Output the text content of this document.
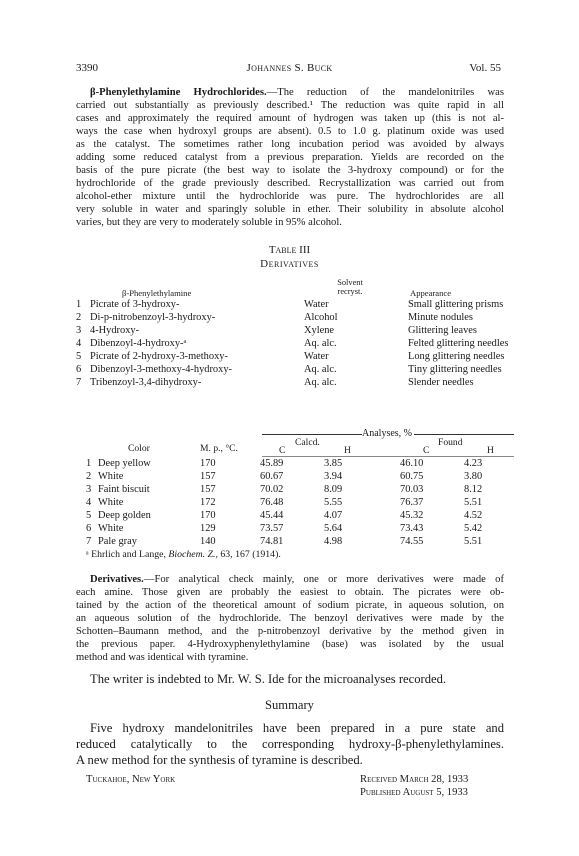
3390	Johannes S. Buck	Vol. 55
β-Phenylethylamine Hydrochlorides.—The reduction of the mandelonitriles was
carried out substantially as previously described.¹ The reduction was quite rapid in all
cases and approximately the required amount of hydrogen was taken up (this is not al-
ways the case when hydroxyl groups are absent). 0.5 to 1.0 g. platinum oxide was used
as the catalyst. The sometimes rather long incubation period was avoided by always
adding some reduced catalyst from a previous preparation. Yields are recorded on the
basis of the pure picrate (the best way to isolate the 3-hydroxy compound) or for the
hydrochloride of the grade previously described. Recrystallization was carried out from
alcohol-ether mixture until the hydrochloride was pure. The hydrochlorides are all
very soluble in water and sparingly soluble in ether. Their solubility in absolute alcohol
varies, but they are very to moderately soluble in 95% alcohol.
Table III
Derivatives
Solvent
recryst.
β-Phenylethylamine	Appearance
1	Picrate of 3-hydroxy-	Water	Small glittering prisms
2	Di-p-nitrobenzoyl-3-hydroxy-	Alcohol	Minute nodules
3	4-Hydroxy-	Xylene	Glittering leaves
4	Dibenzoyl-4-hydroxy-ᵃ	Aq. alc.	Felted glittering needles
5	Picrate of 2-hydroxy-3-methoxy-	Water	Long glittering needles
6	Dibenzoyl-3-methoxy-4-hydroxy-	Aq. alc.	Tiny glittering needles
7	Tribenzoyl-3,4-dihydroxy-	Aq. alc.	Slender needles
Analyses, %
Calcd.	Found
Color	M. p., °C.	C	H	C	H
1	Deep yellow	170	45.89	3.85	46.10	4.23
2	White	157	60.67	3.94	60.75	3.80
3	Faint biscuit	157	70.02	8.09	70.03	8.12
4	White	172	76.48	5.55	76.37	5.51
5	Deep golden	170	45.44	4.07	45.32	4.52
6	White	129	73.57	5.64	73.43	5.42
7	Pale gray	140	74.81	4.98	74.55	5.51
ᵃ Ehrlich and Lange, Biochem. Z., 63, 167 (1914).
Derivatives.—For analytical check mainly, one or more derivatives were made of
each amine. Those given are probably the easiest to obtain. The picrates were ob-
tained by the action of the theoretical amount of sodium picrate, in aqueous solution, on
an aqueous solution of the hydrochloride. The benzoyl derivatives were made by the
Schotten–Baumann method, and the p-nitrobenzoyl derivative by the method given in
the previous paper. 4-Hydroxyphenylethylamine (base) was isolated by the usual
method and was identical with tyramine.
The writer is indebted to Mr. W. S. Ide for the microanalyses recorded.
Summary
Five hydroxy mandelonitriles have been prepared in a pure state and
reduced catalytically to the corresponding hydroxy-β-phenylethylamines.
A new method for the synthesis of tyramine is described.
Tuckahoe, New York	Received March 28, 1933
Published August 5, 1933
